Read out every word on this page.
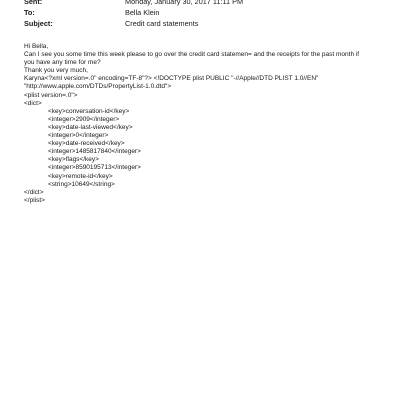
Sent:	Monday, January 30, 2017 11:11 PM
To:	Bella Klein
Subject:	Credit card statements
Hi Bella,
Can I see you some time this week please to go over the credit card statemen= and the receipts for the past month if
you have any time for me?
Thank you very much,
Karyna<?xml version=.0" encoding=TF-8"?> <!DOCTYPE plist PUBLIC "-//Apple//DTD PLIST 1.0//EN"
"http://www.apple.com/DTDs/PropertyList-1.0.dtd">
<plist version=.0">
<dict>
<key>conversation-id</key>
<integer>2909</integer>
<key>date-last-viewed</key>
<integer>0</integer>
<key>date-received</key>
<integer>1485817840</integer>
<key>flags</key>
<integer>8590195713</integer>
<key>remote-id</key>
<string>10649</string>
</dict>
</plist>
